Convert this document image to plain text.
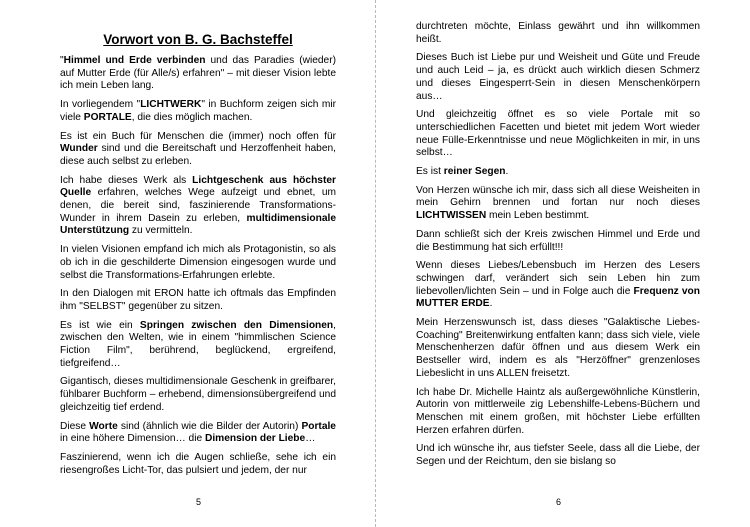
Vorwort von B. G. Bachsteffel

"Himmel und Erde verbinden und das Paradies (wieder) auf Mutter Erde (für Alle/s) erfahren" – mit dieser Vision lebte ich mein Leben lang.

In vorliegendem "LICHTWERK" in Buchform zeigen sich mir viele PORTALE, die dies möglich machen.

Es ist ein Buch für Menschen die (immer) noch offen für Wunder sind und die Bereitschaft und Herzoffenheit haben, diese auch selbst zu erleben.

Ich habe dieses Werk als Lichtgeschenk aus höchster Quelle erfahren, welches Wege aufzeigt und ebnet, um denen, die bereit sind, faszinierende Transformations-Wunder in ihrem Dasein zu erleben, multidimensionale Unterstützung zu vermitteln.

In vielen Visionen empfand ich mich als Protagonistin, so als ob ich in die geschilderte Dimension eingesogen wurde und selbst die Transformations-Erfahrungen erlebte.

In den Dialogen mit ERON hatte ich oftmals das Empfinden ihm "SELBST" gegenüber zu sitzen.

Es ist wie ein Springen zwischen den Dimensionen, zwischen den Welten, wie in einem "himmlischen Science Fiction Film", berührend, beglückend, ergreifend, tiefgreifend…

Gigantisch, dieses multidimensionale Geschenk in greifbarer, fühlbarer Buchform – erhebend, dimensionsübergreifend und gleichzeitig tief erdend.

Diese Worte sind (ähnlich wie die Bilder der Autorin) Portale in eine höhere Dimension… die Dimension der Liebe…

Faszinierend, wenn ich die Augen schließe, sehe ich ein riesengroßes Licht-Tor, das pulsiert und jedem, der nur

5

durchtreten möchte, Einlass gewährt und ihn willkommen heißt.

Dieses Buch ist Liebe pur und Weisheit und Güte und Freude und auch Leid – ja, es drückt auch wirklich diesen Schmerz und dieses Eingesperrt-Sein in diesen Menschenkörpern aus…

Und gleichzeitig öffnet es so viele Portale mit so unterschiedlichen Facetten und bietet mit jedem Wort wieder neue Fülle-Erkenntnisse und neue Möglichkeiten in mir, in uns selbst…

Es ist reiner Segen.

Von Herzen wünsche ich mir, dass sich all diese Weisheiten in mein Gehirn brennen und fortan nur noch dieses LICHTWISSEN mein Leben bestimmt.

Dann schließt sich der Kreis zwischen Himmel und Erde und die Bestimmung hat sich erfüllt!!!

Wenn dieses Liebes/Lebensbuch im Herzen des Lesers schwingen darf, verändert sich sein Leben hin zum liebevollen/lichten Sein – und in Folge auch die Frequenz von MUTTER ERDE.

Mein Herzenswunsch ist, dass dieses "Galaktische Liebes-Coaching" Breitenwirkung entfalten kann; dass sich viele, viele Menschenherzen dafür öffnen und aus diesem Werk ein Bestseller wird, indem es als "Herzöffner" grenzenloses Liebeslicht in uns ALLEN freisetzt.

Ich habe Dr. Michelle Haintz als außergewöhnliche Künstlerin, Autorin von mittlerweile zig Lebenshilfe-Lebens-Büchern und Menschen mit einem großen, mit höchster Liebe erfüllten Herzen erfahren dürfen.

Und ich wünsche ihr, aus tiefster Seele, dass all die Liebe, der Segen und der Reichtum, den sie bislang so

6
